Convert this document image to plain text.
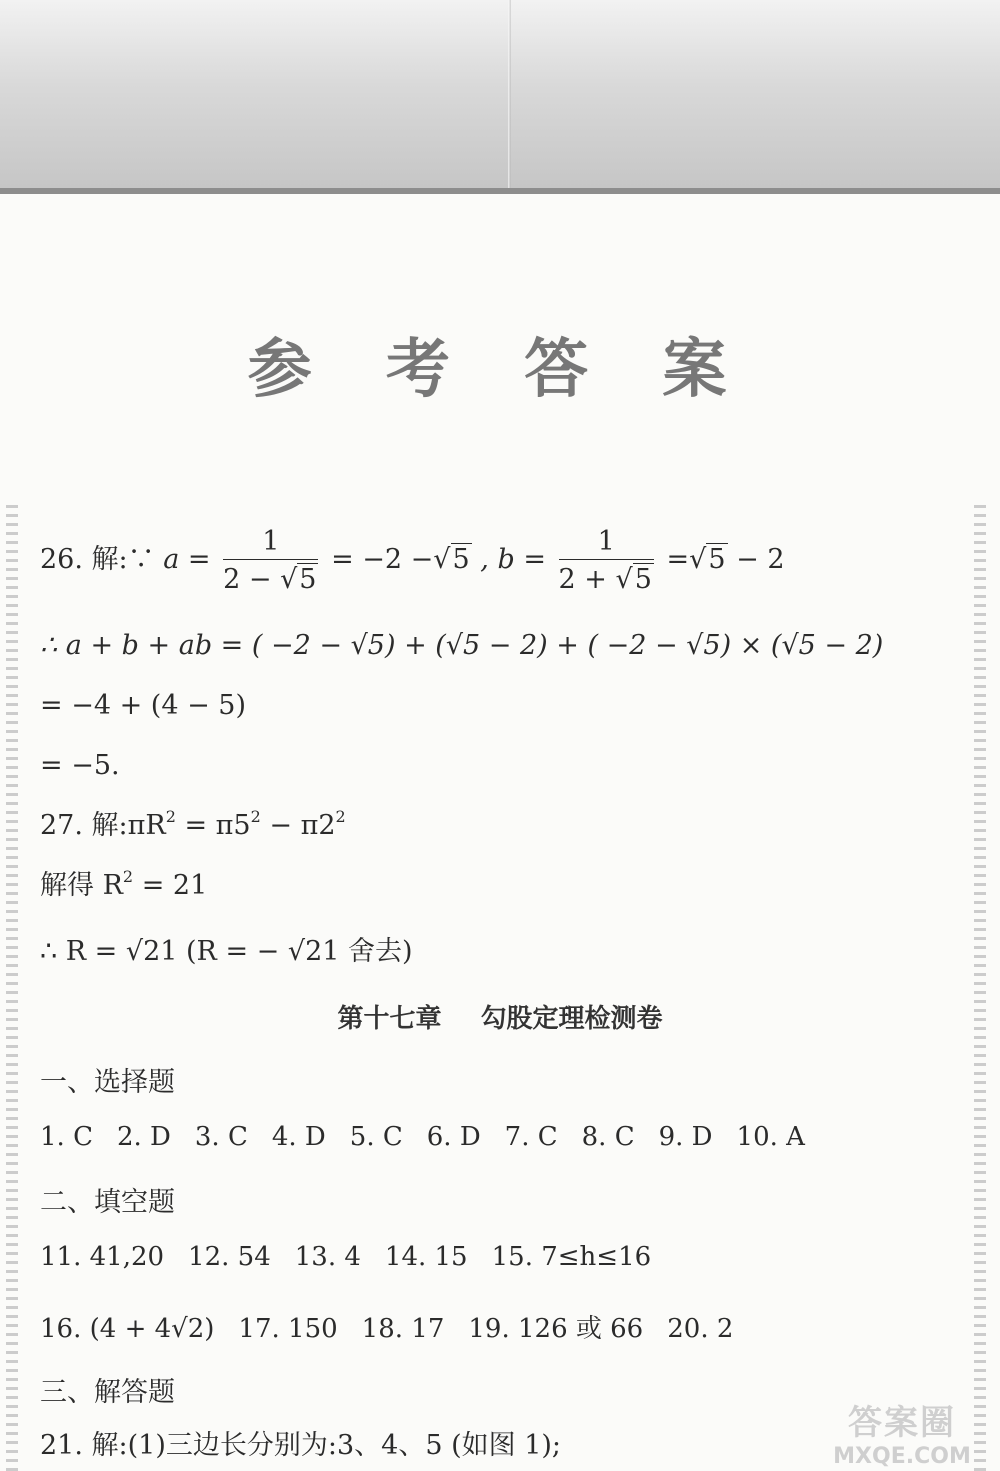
参 考 答 案
26. 解:∵ $a = \frac{1}{2 - √5} = -2 -√5$ , $b = \frac{1}{2 + √5} =√5 - 2$
∴ a + b + ab = ( −2 − √5) + (√5 − 2) + ( −2 − √5) × (√5 − 2)
= −4 + (4 − 5)
= −5.
27. 解$:\pi R^2 = \pi 5^2 - \pi 2^2$
解得 $R^2 = 21$
∴ R = √21 (R = − √21 舍去)
第十七章 勾股定理检测卷
一、选择题
1. C 2. D 3. C 4. D 5. C 6. D 7. C 8. C 9. D 10. A
二、填空题
11. 41,20 12. 54 13. 4 14. 15 15. 7≤h≤16
16. (4 + 4√2) 17. 150 18. 17 19. 126 或 66 20. 2
三、解答题
21. 解:(1)三边长分别为:3、4、5 (如图 1);
答案圈
MXQE.COM
